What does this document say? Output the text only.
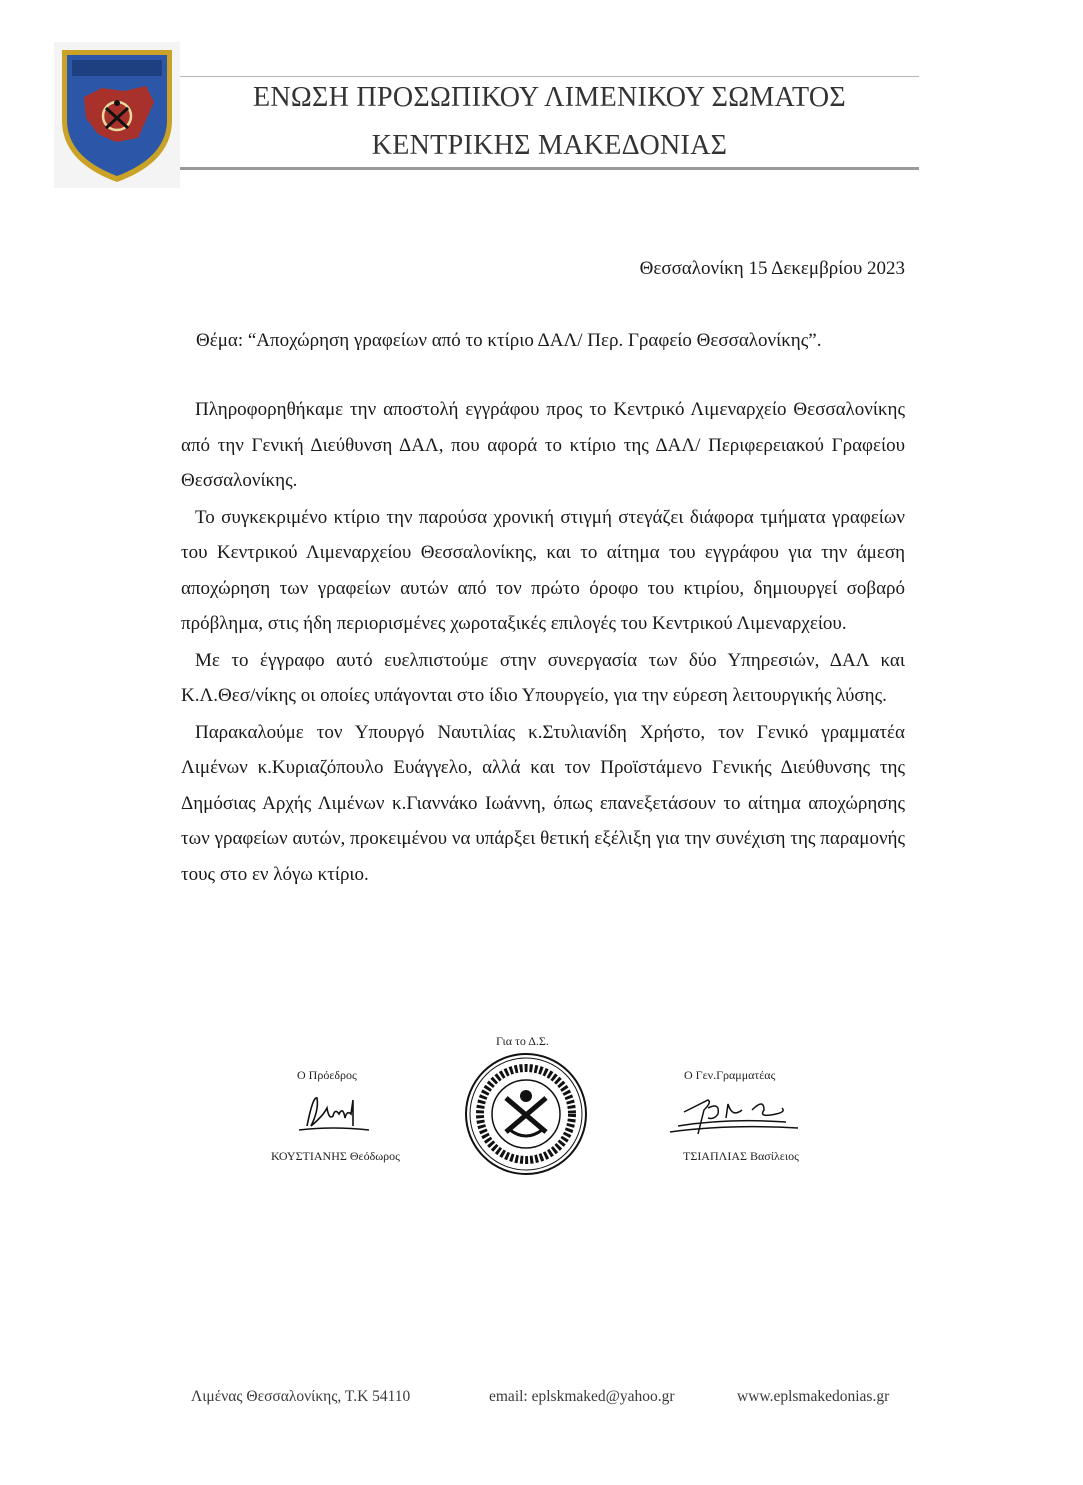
ΕΝΩΣΗ ΠΡΟΣΩΠΙΚΟΥ ΛΙΜΕΝΙΚΟΥ ΣΩΜΑΤΟΣ
ΚΕΝΤΡΙΚΗΣ ΜΑΚΕΔΟΝΙΑΣ
Θεσσαλονίκη 15 Δεκεμβρίου 2023
Θέμα: “Αποχώρηση γραφείων από το κτίριο ΔΑΛ/ Περ. Γραφείο Θεσσαλονίκης”.

Πληροφορηθήκαμε την αποστολή εγγράφου προς το Κεντρικό Λιμεναρχείο Θεσσαλονίκης από την Γενική Διεύθυνση ΔΑΛ, που αφορά το κτίριο της ΔΑΛ/ Περιφερειακού Γραφείου Θεσσαλονίκης.

Το συγκεκριμένο κτίριο την παρούσα χρονική στιγμή στεγάζει διάφορα τμήματα γραφείων του Κεντρικού Λιμεναρχείου Θεσσαλονίκης, και το αίτημα του εγγράφου για την άμεση αποχώρηση των γραφείων αυτών από τον πρώτο όροφο του κτιρίου, δημιουργεί σοβαρό πρόβλημα, στις ήδη περιορισμένες χωροταξικές επιλογές του Κεντρικού Λιμεναρχείου.

Με το έγγραφο αυτό ευελπιστούμε στην συνεργασία των δύο Υπηρεσιών, ΔΑΛ και Κ.Λ.Θεσ/νίκης οι οποίες υπάγονται στο ίδιο Υπουργείο, για την εύρεση λειτουργικής λύσης.

Παρακαλούμε τον Υπουργό Ναυτιλίας κ.Στυλιανίδη Χρήστο, τον Γενικό γραμματέα Λιμένων κ.Κυριαζόπουλο Ευάγγελο, αλλά και τον Προϊστάμενο Γενικής Διεύθυνσης της Δημόσιας Αρχής Λιμένων κ.Γιαννάκο Ιωάννη, όπως επανεξετάσουν το αίτημα αποχώρησης των γραφείων αυτών, προκειμένου να υπάρξει θετική εξέλιξη για την συνέχιση της παραμονής τους στο εν λόγω κτίριο.

Για το Δ.Σ.
Ο Πρόεδρος
ΚΟΥΣΤΙΑΝΗΣ Θεόδωρος
Ο Γεν.Γραμματέας
ΤΣΙΑΠΛΙΑΣ Βασίλειος
Λιμένας Θεσσαλονίκης, Τ.Κ 54110	email: eplskmaked@yahoo.gr	www.eplsmakedonias.gr
